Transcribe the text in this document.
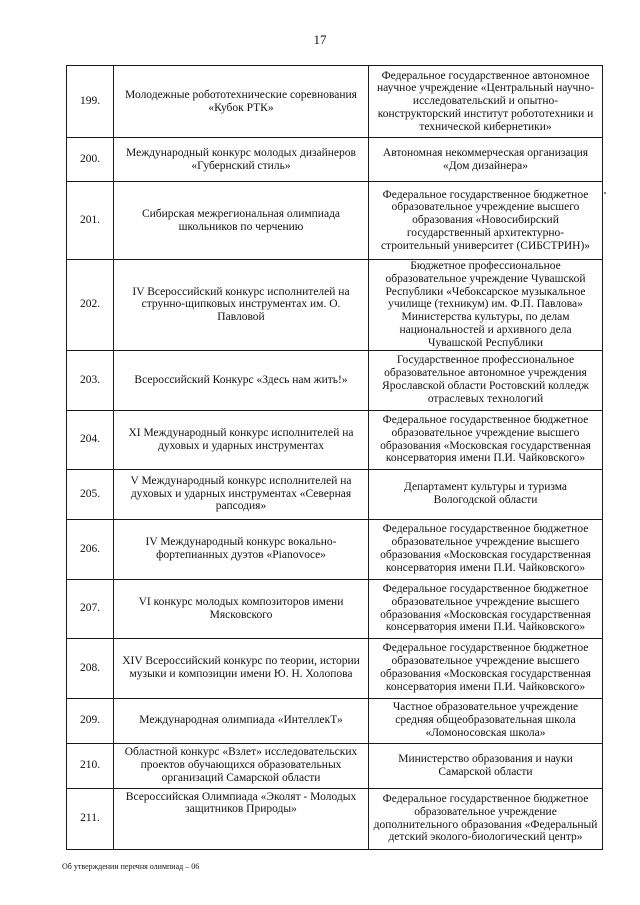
17
199.	Молодежные робототехнические соревнования «Кубок РТК»	Федеральное государственное автономное научное учреждение «Центральный научно-исследовательский и опытно-конструкторский институт робототехники и технической кибернетики»
200.	Международный конкурс молодых дизайнеров «Губернский стиль»	Автономная некоммерческая организация «Дом дизайнера»
201.	Сибирская межрегиональная олимпиада школьников по черчению	Федеральное государственное бюджетное образовательное учреждение высшего образования «Новосибирский государственный архитектурно-строительный университет (СИБСТРИН)»
202.	IV Всероссийский конкурс исполнителей на струнно-щипковых инструментах им. О. Павловой	Бюджетное профессиональное образовательное учреждение Чувашской Республики «Чебоксарское музыкальное училище (техникум) им. Ф.П. Павлова» Министерства культуры, по делам национальностей и архивного дела Чувашской Республики
203.	Всероссийский Конкурс «Здесь нам жить!»	Государственное профессиональное образовательное автономное учреждения Ярославской области Ростовский колледж отраслевых технологий
204.	XI Международный конкурс исполнителей на духовых и ударных инструментах	Федеральное государственное бюджетное образовательное учреждение высшего образования «Московская государственная консерватория имени П.И. Чайковского»
205.	V Международный конкурс исполнителей на духовых и ударных инструментах «Северная рапсодия»	Департамент культуры и туризма Вологодской области
206.	IV Международный конкурс вокально-фортепианных дуэтов «Pianovoce»	Федеральное государственное бюджетное образовательное учреждение высшего образования «Московская государственная консерватория имени П.И. Чайковского»
207.	VI конкурс молодых композиторов имени Мясковского	Федеральное государственное бюджетное образовательное учреждение высшего образования «Московская государственная консерватория имени П.И. Чайковского»
208.	XIV Всероссийский конкурс по теории, истории музыки и композиции имени Ю. Н. Холопова	Федеральное государственное бюджетное образовательное учреждение высшего образования «Московская государственная консерватория имени П.И. Чайковского»
209.	Международная олимпиада «ИнтеллекТ»	Частное образовательное учреждение средняя общеобразовательная школа «Ломоносовская школа»
210.	Областной конкурс «Взлет» исследовательских проектов обучающихся образовательных организаций Самарской области	Министерство образования и науки Самарской области
211.	Всероссийская Олимпиада «Эколят - Молодых защитников Природы»	Федеральное государственное бюджетное образовательное учреждение дополнительного образования «Федеральный детский эколого-биологический центр»
Об утверждении перечня олимпиад – 06
